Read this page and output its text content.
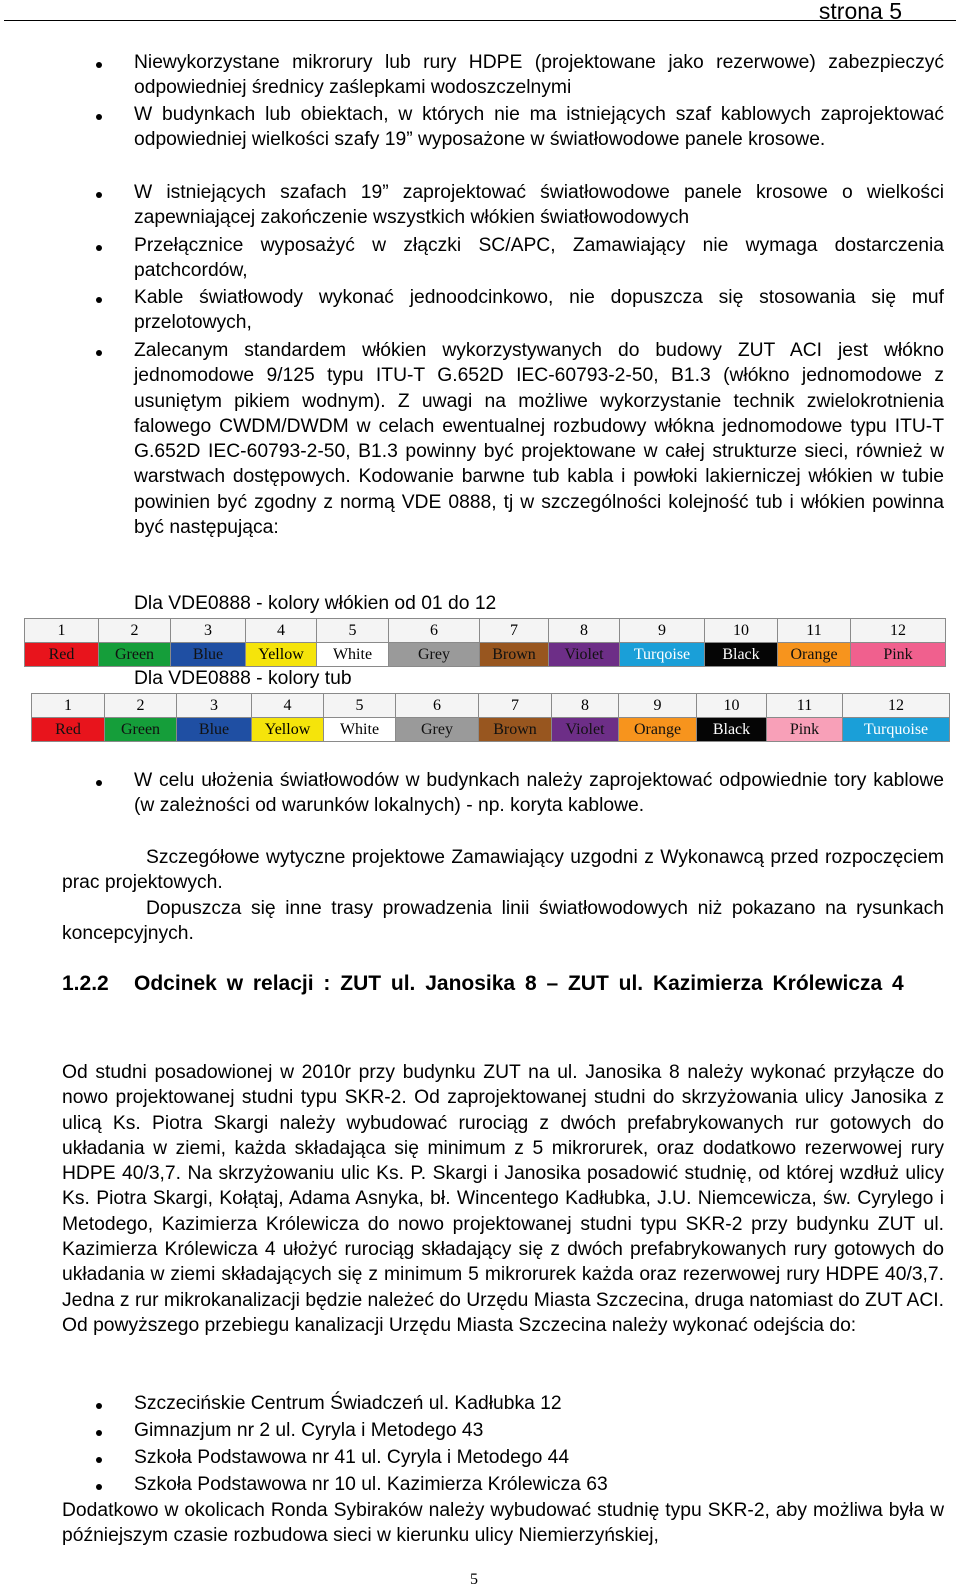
strona 5
Niewykorzystane mikrorury lub rury HDPE (projektowane jako rezerwowe) zabezpieczyć odpowiedniej średnicy zaślepkami wodoszczelnymi
W budynkach lub obiektach, w których nie ma istniejących szaf kablowych zaprojektować odpowiedniej wielkości szafy 19” wyposażone w światłowodowe panele krosowe.
W istniejących szafach 19” zaprojektować światłowodowe panele krosowe o wielkości zapewniającej zakończenie wszystkich włókien światłowodowych
Przełącznice wyposażyć w złączki SC/APC, Zamawiający nie wymaga dostarczenia patchcordów,
Kable światłowody wykonać jednoodcinkowo, nie dopuszcza się stosowania się muf przelotowych,
Zalecanym standardem włókien wykorzystywanych do budowy ZUT ACI jest włókno jednomodowe 9/125 typu ITU-T G.652D IEC-60793-2-50, B1.3 (włókno jednomodowe z usuniętym pikiem wodnym). Z uwagi na możliwe wykorzystanie technik zwielokrotnienia falowego CWDM/DWDM w celach ewentualnej rozbudowy włókna jednomodowe typu ITU-T G.652D IEC-60793-2-50, B1.3 powinny być projektowane w całej strukturze sieci, również w warstwach dostępowych. Kodowanie barwne tub kabla i powłoki lakierniczej włókien w tubie powinien być zgodny z normą VDE 0888, tj w szczególności kolejność tub i włókien powinna być następująca:
Dla VDE0888 - kolory włókien od 01 do 12
1	2	3	4	5	6	7	8	9	10	11	12
Red	Green	Blue	Yellow	White	Grey	Brown	Violet	Turqoise	Black	Orange	Pink
Dla VDE0888 - kolory tub
1	2	3	4	5	6	7	8	9	10	11	12
Red	Green	Blue	Yellow	White	Grey	Brown	Violet	Orange	Black	Pink	Turquoise
W celu ułożenia światłowodów w budynkach należy zaprojektować odpowiednie tory kablowe (w zależności od warunków lokalnych) - np. koryta kablowe.
Szczegółowe wytyczne projektowe Zamawiający uzgodni z Wykonawcą przed rozpoczęciem prac projektowych.
Dopuszcza się inne trasy prowadzenia linii światłowodowych niż pokazano na rysunkach koncepcyjnych.
1.2.2 Odcinek w relacji : ZUT ul. Janosika 8 – ZUT ul. Kazimierza Królewicza 4
Od studni posadowionej w 2010r przy budynku ZUT na ul. Janosika 8 należy wykonać przyłącze do nowo projektowanej studni typu SKR-2. Od zaprojektowanej studni do skrzyżowania ulicy Janosika z ulicą Ks. Piotra Skargi należy wybudować rurociąg z dwóch prefabrykowanych rur gotowych do układania w ziemi, każda składająca się minimum z 5 mikrorurek, oraz dodatkowo rezerwowej rury HDPE 40/3,7. Na skrzyżowaniu ulic Ks. P. Skargi i Janosika posadowić studnię, od której wzdłuż ulicy Ks. Piotra Skargi, Kołątaj, Adama Asnyka, bł. Wincentego Kadłubka, J.U. Niemcewicza, św. Cyrylego i Metodego, Kazimierza Królewicza do nowo projektowanej studni typu SKR-2 przy budynku ZUT ul. Kazimierza Królewicza 4 ułożyć rurociąg składający się z dwóch prefabrykowanych rury gotowych do układania w ziemi składających się z minimum 5 mikrorurek każda oraz rezerwowej rury HDPE 40/3,7. Jedna z rur mikrokanalizacji będzie należeć do Urzędu Miasta Szczecina, druga natomiast do ZUT ACI. Od powyższego przebiegu kanalizacji Urzędu Miasta Szczecina należy wykonać odejścia do:
Szczecińskie Centrum Świadczeń ul. Kadłubka 12
Gimnazjum nr 2 ul. Cyryla i Metodego 43
Szkoła Podstawowa nr 41 ul. Cyryla i Metodego 44
Szkoła Podstawowa nr 10 ul. Kazimierza Królewicza 63
Dodatkowo w okolicach Ronda Sybiraków należy wybudować studnię typu SKR-2, aby możliwa była w późniejszym czasie rozbudowa sieci w kierunku ulicy Niemierzyńskiej,
5
